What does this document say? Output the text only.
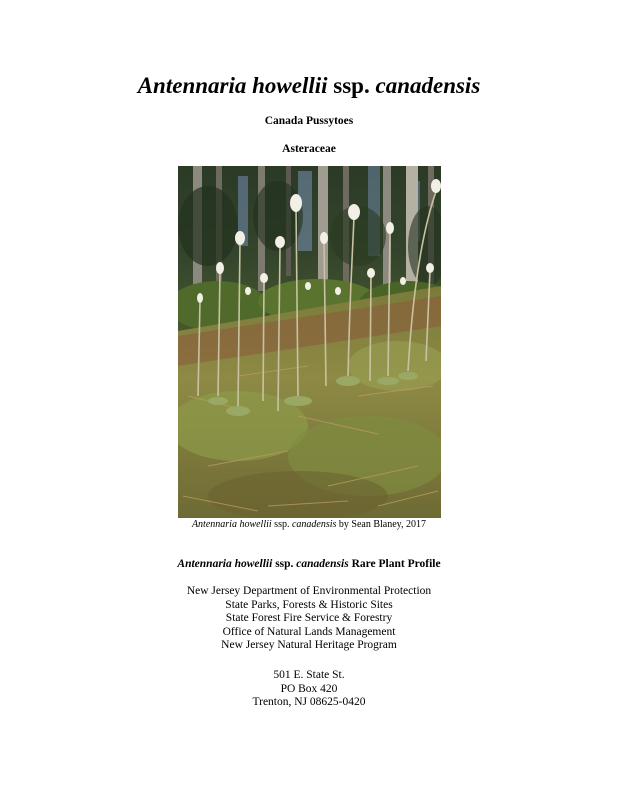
Antennaria howellii ssp. canadensis
Canada Pussytoes
Asteraceae
Antennaria howellii ssp. canadensis by Sean Blaney, 2017
Antennaria howellii ssp. canadensis Rare Plant Profile
New Jersey Department of Environmental Protection
State Parks, Forests & Historic Sites
State Forest Fire Service & Forestry
Office of Natural Lands Management
New Jersey Natural Heritage Program
501 E. State St.
PO Box 420
Trenton, NJ 08625-0420
